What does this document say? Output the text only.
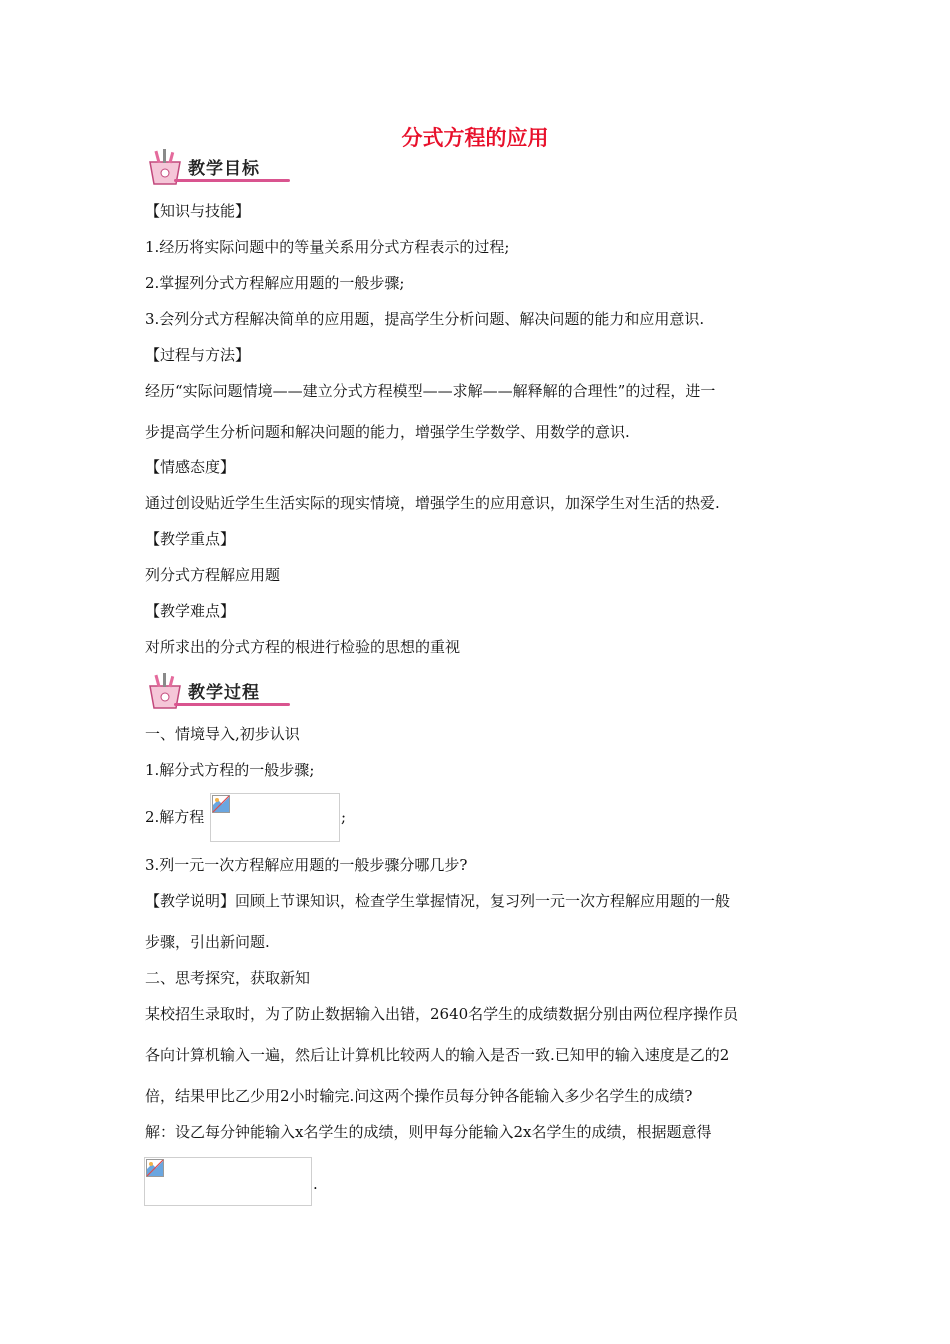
分式方程的应用
教学目标
【知识与技能】
1.经历将实际问题中的等量关系用分式方程表示的过程;
2.掌握列分式方程解应用题的一般步骤;
3.会列分式方程解决简单的应用题，提高学生分析问题、解决问题的能力和应用意识.
【过程与方法】
经历“实际问题情境——建立分式方程模型——求解——解释解的合理性”的过程，进一
步提高学生分析问题和解决问题的能力，增强学生学数学、用数学的意识.
【情感态度】
通过创设贴近学生生活实际的现实情境，增强学生的应用意识，加深学生对生活的热爱.
【教学重点】
列分式方程解应用题
【教学难点】
对所求出的分式方程的根进行检验的思想的重视
教学过程
一、情境导入,初步认识
1.解分式方程的一般步骤;
2.解方程	;
3.列一元一次方程解应用题的一般步骤分哪几步?
【教学说明】回顾上节课知识，检查学生掌握情况，复习列一元一次方程解应用题的一般
步骤，引出新问题.
二、思考探究，获取新知
某校招生录取时，为了防止数据输入出错，2640名学生的成绩数据分别由两位程序操作员
各向计算机输入一遍，然后让计算机比较两人的输入是否一致.已知甲的输入速度是乙的2
倍，结果甲比乙少用2小时输完.问这两个操作员每分钟各能输入多少名学生的成绩?
解：设乙每分钟能输入x名学生的成绩，则甲每分能输入2x名学生的成绩，根据题意得
.
